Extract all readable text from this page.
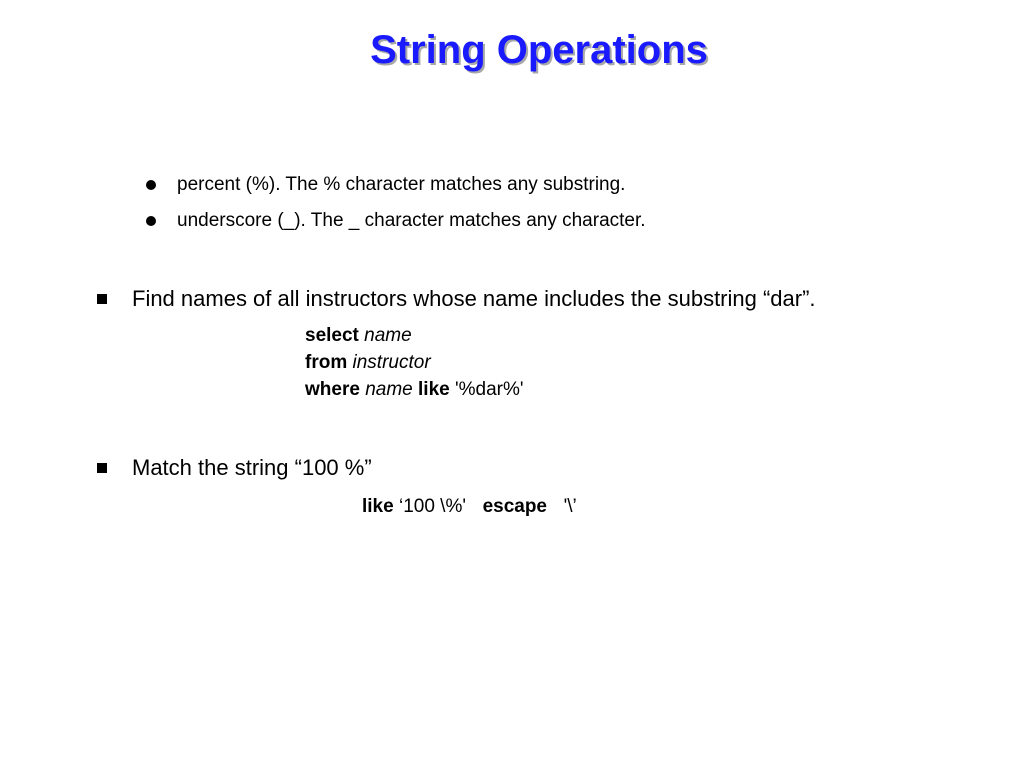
String Operations
percent (%). The % character matches any substring.
underscore (_). The _ character matches any character.
Find names of all instructors whose name includes the substring “dar”.
select name
from instructor
where name like '%dar%'
Match the string “100 %”
like ‘100 \%' escape '\’
